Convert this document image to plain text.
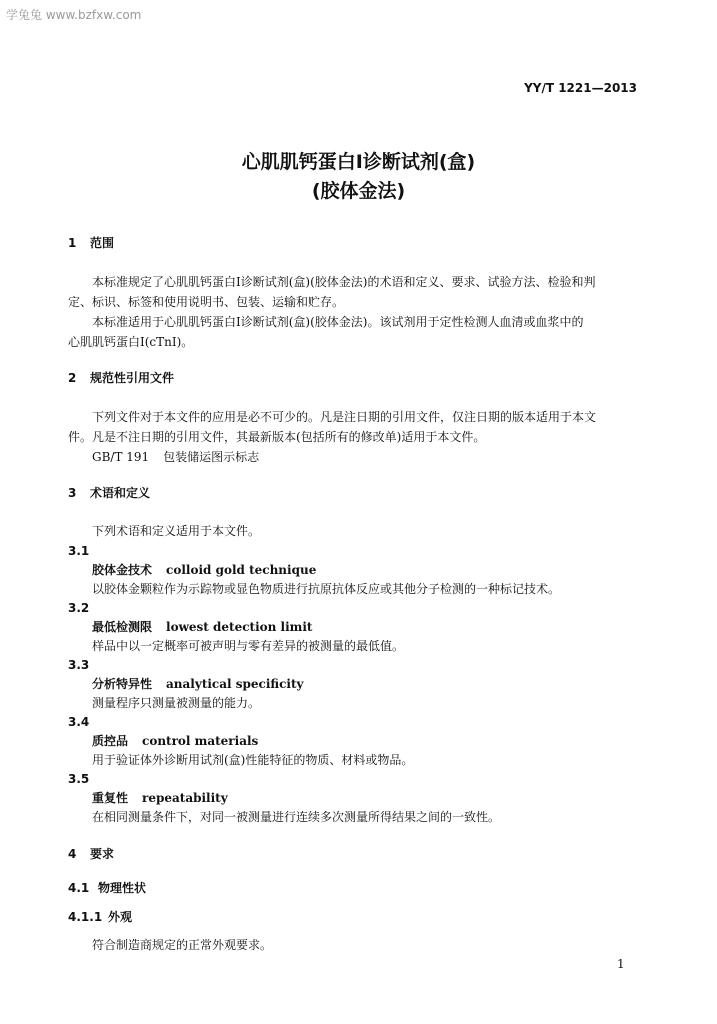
学兔兔 www.bzfxw.com
YY/T 1221—2013
心肌肌钙蛋白Ⅰ诊断试剂(盒)
(胶体金法)
1 范围
本标准规定了心肌肌钙蛋白Ⅰ诊断试剂(盒)(胶体金法)的术语和定义、要求、试验方法、检验和判
定、标识、标签和使用说明书、包装、运输和贮存。
本标准适用于心肌肌钙蛋白Ⅰ诊断试剂(盒)(胶体金法)。该试剂用于定性检测人血清或血浆中的
心肌肌钙蛋白Ⅰ(cTnI)。
2 规范性引用文件
下列文件对于本文件的应用是必不可少的。凡是注日期的引用文件，仅注日期的版本适用于本文
件。凡是不注日期的引用文件，其最新版本(包括所有的修改单)适用于本文件。
GB/T 191 包装储运图示标志
3 术语和定义
下列术语和定义适用于本文件。
3.1
胶体金技术 colloid gold technique
以胶体金颗粒作为示踪物或显色物质进行抗原抗体反应或其他分子检测的一种标记技术。
3.2
最低检测限 lowest detection limit
样品中以一定概率可被声明与零有差异的被测量的最低值。
3.3
分析特异性 analytical specificity
测量程序只测量被测量的能力。
3.4
质控品 control materials
用于验证体外诊断用试剂(盒)性能特征的物质、材料或物品。
3.5
重复性 repeatability
在相同测量条件下，对同一被测量进行连续多次测量所得结果之间的一致性。
4 要求
4.1 物理性状
4.1.1 外观
符合制造商规定的正常外观要求。
1
